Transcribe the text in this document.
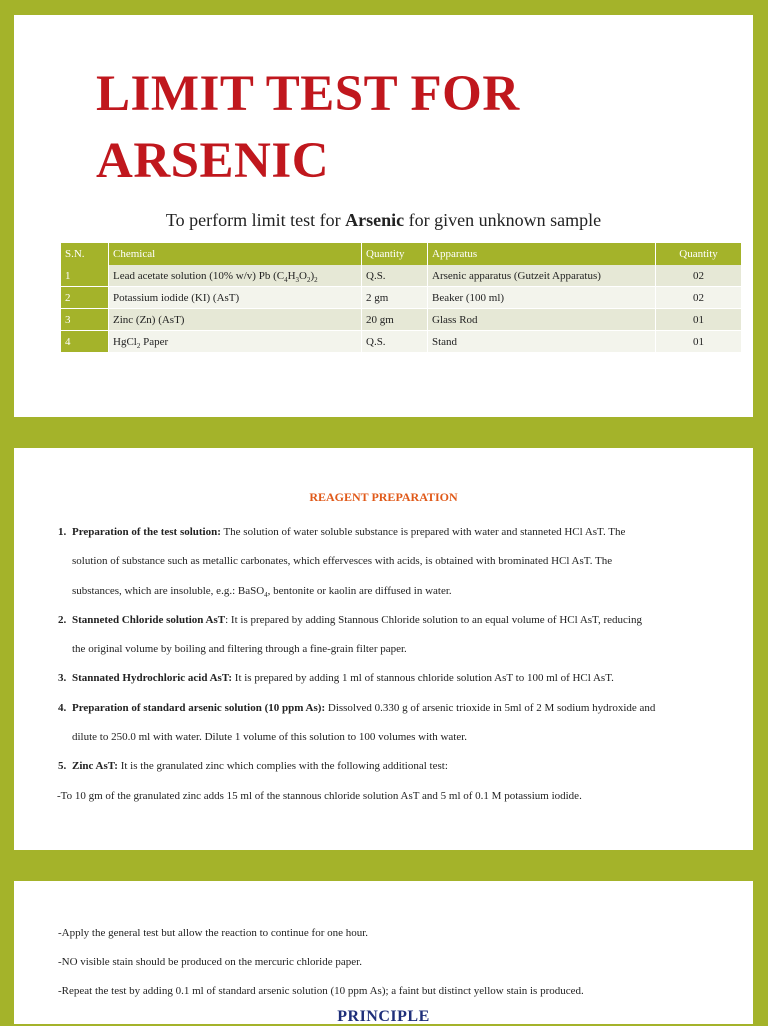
LIMIT TEST FOR
ARSENIC
To perform limit test for Arsenic for given unknown sample
S.N.	Chemical	Quantity	Apparatus	Quantity
1	Lead acetate solution (10% w/v) Pb $(C_4H_3O_2)_2$	Q.S.	Arsenic apparatus (Gutzeit Apparatus)	02
2	Potassium iodide (KI) (AsT)	2 gm	Beaker (100 ml)	02
3	Zinc (Zn) (AsT)	20 gm	Glass Rod	01
4	HgCl$_2$ Paper	Q.S.	Stand	01
REAGENT PREPARATION
1. Preparation of the test solution: The solution of water soluble substance is prepared with water and stanneted HCl AsT. The
solution of substance such as metallic carbonates, which effervesces with acids, is obtained with brominated HCl AsT. The
substances, which are insoluble, e.g.: BaSO$_4$, bentonite or kaolin are diffused in water.
2. Stanneted Chloride solution AsT: It is prepared by adding Stannous Chloride solution to an equal volume of HCl AsT, reducing
the original volume by boiling and filtering through a fine-grain filter paper.
3. Stannated Hydrochloric acid AsT: It is prepared by adding 1 ml of stannous chloride solution AsT to 100 ml of HCl AsT.
4. Preparation of standard arsenic solution (10 ppm As): Dissolved 0.330 g of arsenic trioxide in 5ml of 2 M sodium hydroxide and
dilute to 250.0 ml with water. Dilute 1 volume of this solution to 100 volumes with water.
5. Zinc AsT: It is the granulated zinc which complies with the following additional test:
-To 10 gm of the granulated zinc adds 15 ml of the stannous chloride solution AsT and 5 ml of 0.1 M potassium iodide.
-Apply the general test but allow the reaction to continue for one hour.
-NO visible stain should be produced on the mercuric chloride paper.
-Repeat the test by adding 0.1 ml of standard arsenic solution (10 ppm As); a faint but distinct yellow stain is produced.
PRINCIPLE
